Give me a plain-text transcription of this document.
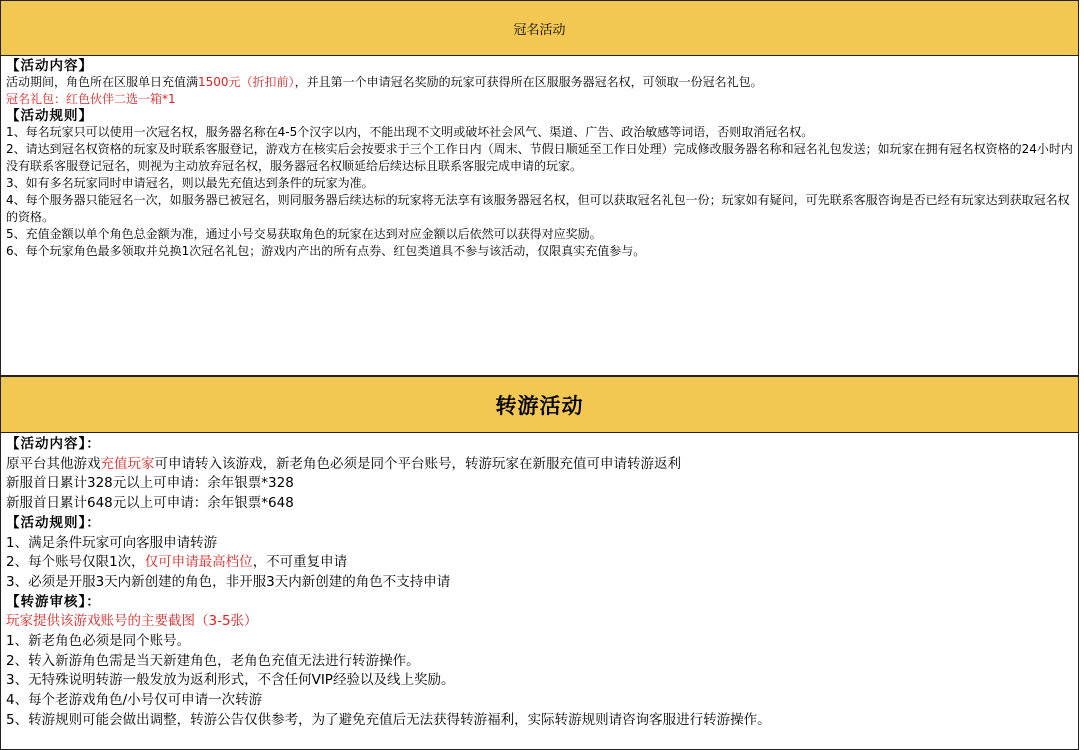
冠名活动
【活动内容】
活动期间，角色所在区服单日充值满1500元（折扣前），并且第一个申请冠名奖励的玩家可获得所在区服服务器冠名权，可领取一份冠名礼包。
冠名礼包：红色伙伴二选一箱*1
【活动规则】
1、每名玩家只可以使用一次冠名权，服务器名称在4-5个汉字以内，不能出现不文明或破坏社会风气、渠道、广告、政治敏感等词语，否则取消冠名权。
2、请达到冠名权资格的玩家及时联系客服登记，游戏方在核实后会按要求于三个工作日内（周末、节假日顺延至工作日处理）完成修改服务器名称和冠名礼包发送；如玩家在拥有冠名权资格的24小时内没有联系客服登记冠名，则视为主动放弃冠名权，服务器冠名权顺延给后续达标且联系客服完成申请的玩家。
3、如有多名玩家同时申请冠名，则以最先充值达到条件的玩家为准。
4、每个服务器只能冠名一次，如服务器已被冠名，则同服务器后续达标的玩家将无法享有该服务器冠名权，但可以获取冠名礼包一份；玩家如有疑问，可先联系客服咨询是否已经有玩家达到获取冠名权的资格。
5、充值金额以单个角色总金额为准，通过小号交易获取角色的玩家在达到对应金额以后依然可以获得对应奖励。
6、每个玩家角色最多领取并兑换1次冠名礼包；游戏内产出的所有点券、红包类道具不参与该活动，仅限真实充值参与。
转游活动
【活动内容】：
原平台其他游戏充值玩家可申请转入该游戏，新老角色必须是同个平台账号，转游玩家在新服充值可申请转游返利
新服首日累计328元以上可申请：余年银票*328
新服首日累计648元以上可申请：余年银票*648
【活动规则】：
1、满足条件玩家可向客服申请转游
2、每个账号仅限1次，仅可申请最高档位，不可重复申请
3、必须是开服3天内新创建的角色，非开服3天内新创建的角色不支持申请
【转游审核】：
玩家提供该游戏账号的主要截图（3-5张）
1、新老角色必须是同个账号。
2、转入新游角色需是当天新建角色，老角色充值无法进行转游操作。
3、无特殊说明转游一般发放为返利形式，不含任何VIP经验以及线上奖励。
4、每个老游戏角色/小号仅可申请一次转游
5、转游规则可能会做出调整，转游公告仅供参考，为了避免充值后无法获得转游福利，实际转游规则请咨询客服进行转游操作。
